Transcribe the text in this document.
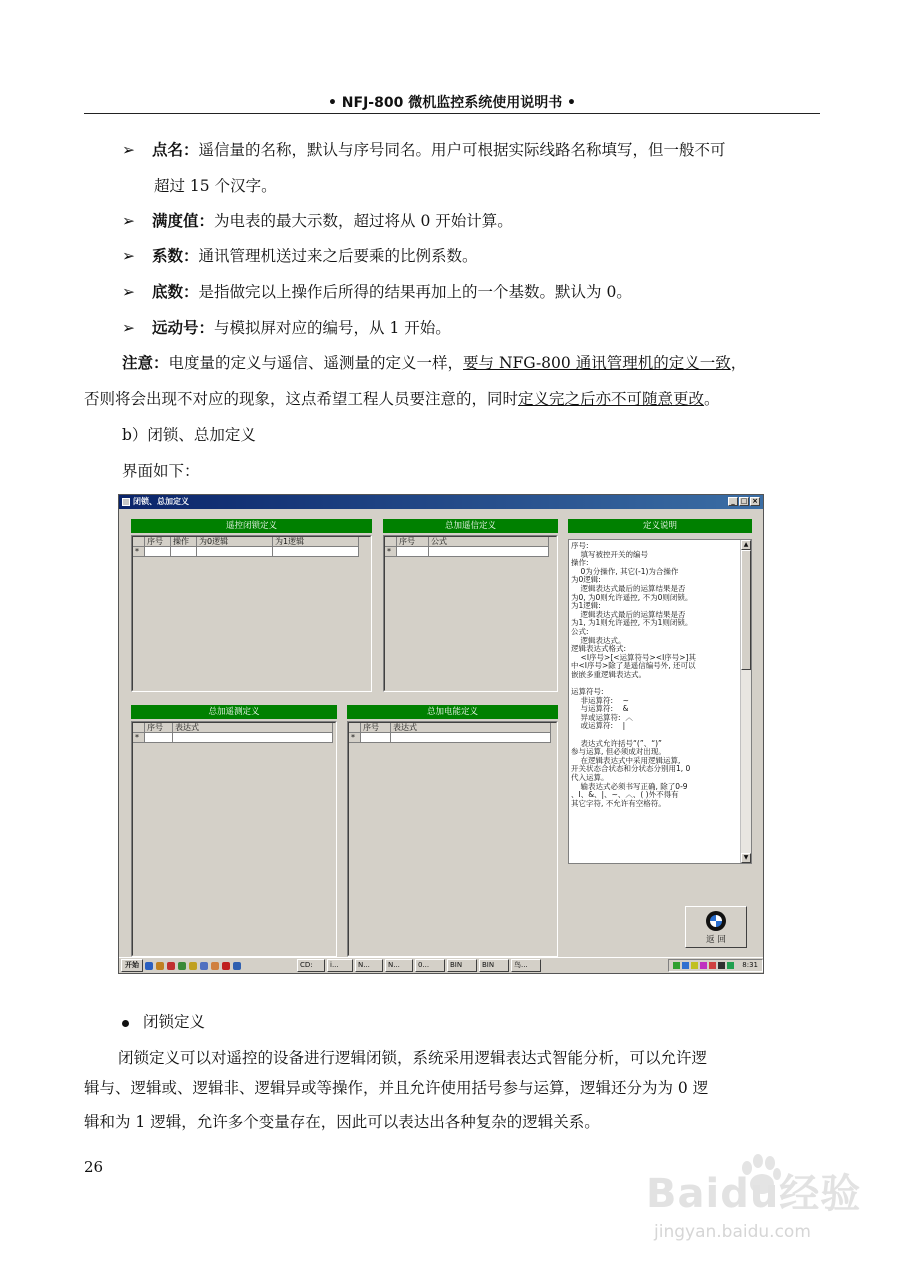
• NFJ-800 微机监控系统使用说明书 •
➢ 点名：遥信量的名称，默认与序号同名。用户可根据实际线路名称填写，但一般不可
超过 15 个汉字。
➢ 满度值：为电表的最大示数，超过将从 0 开始计算。
➢ 系数：通讯管理机送过来之后要乘的比例系数。
➢ 底数：是指做完以上操作后所得的结果再加上的一个基数。默认为 0。
➢ 远动号：与模拟屏对应的编号，从 1 开始。
注意：电度量的定义与遥信、遥测量的定义一样，要与 NFG-800 通讯管理机的定义一致，
否则将会出现不对应的现象，这点希望工程人员要注意的，同时定义完之后亦不可随意更改。
b）闭锁、总加定义
界面如下：
闭锁、总加定义	_ □ ×
遥控闭锁定义
序号	操作	为0逻辑	为1逻辑
*
总加遥信定义
序号	公式
*
定义说明
序号:
填写被控开关的编号
操作:
0为分操作, 其它(-1)为合操作
为0逻辑:
逻辑表达式最后的运算结果是否
为0, 为0则允许遥控, 不为0则闭锁。
为1逻辑:
逻辑表达式最后的运算结果是否
为1, 为1则允许遥控, 不为1则闭锁。
公式:
逻辑表达式。
逻辑表达式格式:
<I序号>[<运算符号><I序号>]其
中<I序号>除了是遥信编号外, 还可以
嵌嵌多重逻辑表达式。

运算符号:
非运算符:    ~
与运算符:    &
异或运算符:  ︿
或运算符:    |

表达式允许括号“(”、“)”
参与运算, 但必须成对出现。
在逻辑表达式中采用逻辑运算,
开关状态合状态和分状态分别用1, 0
代入运算。
输表达式必须书写正确, 除了0-9
、I、&、|、~、︿、( )外不得有
其它字符, 不允许有空格符。
▲
▼
总加遥测定义
序号	表达式
*
总加电能定义
序号	表达式
*
返 回
开始	CD:	i...	N...	N...	0...	BIN	BIN	鸟...	8:31
闭锁定义
闭锁定义可以对遥控的设备进行逻辑闭锁，系统采用逻辑表达式智能分析，可以允许逻
辑与、逻辑或、逻辑非、逻辑异或等操作，并且允许使用括号参与运算，逻辑还分为为 0 逻
辑和为 1 逻辑，允许多个变量存在，因此可以表达出各种复杂的逻辑关系。
26
Baidu经验
jingyan.baidu.com
